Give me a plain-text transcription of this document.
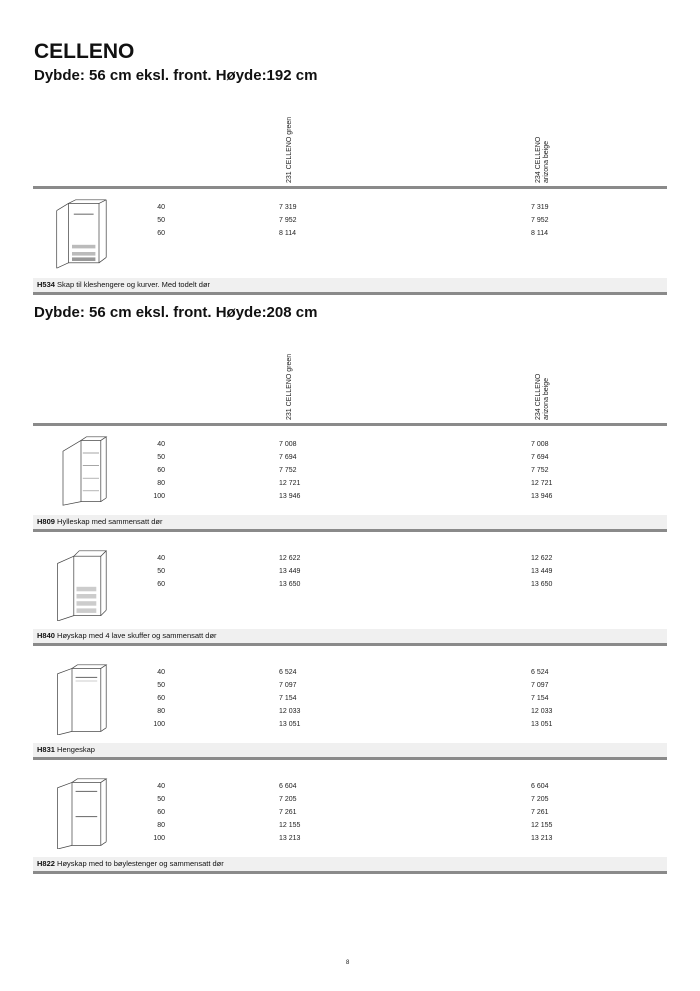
CELLENO
Dybde: 56 cm eksl. front. Høyde:192 cm
231 CELLENO green	234 CELLENO arizona beige
40	7 319	7 319
50	7 952	7 952
60	8 114	8 114
H534 Skap til kleshengere og kurver. Med todelt dør
Dybde: 56 cm eksl. front. Høyde:208 cm
231 CELLENO green	234 CELLENO arizona beige
40	7 008	7 008
50	7 694	7 694
60	7 752	7 752
80	12 721	12 721
100	13 946	13 946
H809 Hylleskap med sammensatt dør
40	12 622	12 622
50	13 449	13 449
60	13 650	13 650
H840 Høyskap med 4 lave skuffer og sammensatt dør
40	6 524	6 524
50	7 097	7 097
60	7 154	7 154
80	12 033	12 033
100	13 051	13 051
H831 Hengeskap
40	6 604	6 604
50	7 205	7 205
60	7 261	7 261
80	12 155	12 155
100	13 213	13 213
H822 Høyskap med to bøylestenger og sammensatt dør
8
